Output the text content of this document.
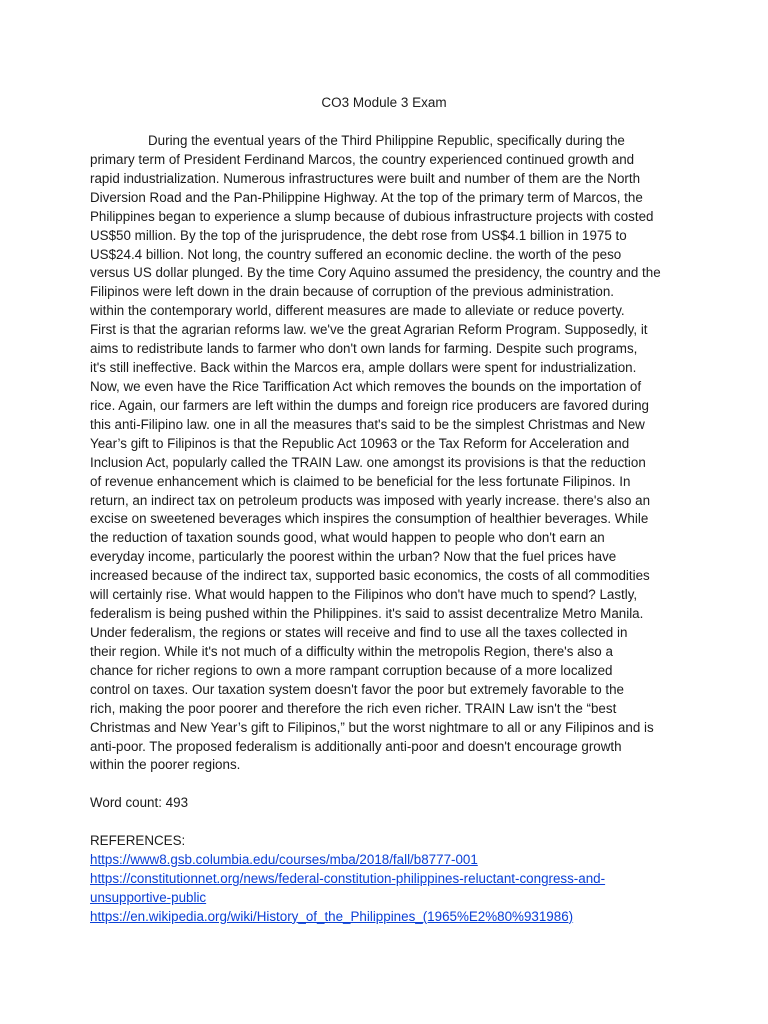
CO3 Module 3 Exam
During the eventual years of the Third Philippine Republic, specifically during the
primary term of President Ferdinand Marcos, the country experienced continued growth and
rapid industrialization. Numerous infrastructures were built and number of them are the North
Diversion Road and the Pan-Philippine Highway. At the top of the primary term of Marcos, the
Philippines began to experience a slump because of dubious infrastructure projects with costed
US$50 million. By the top of the jurisprudence, the debt rose from US$4.1 billion in 1975 to
US$24.4 billion. Not long, the country suffered an economic decline. the worth of the peso
versus US dollar plunged. By the time Cory Aquino assumed the presidency, the country and the
Filipinos were left down in the drain because of corruption of the previous administration.
within the contemporary world, different measures are made to alleviate or reduce poverty.
First is that the agrarian reforms law. we've the great Agrarian Reform Program. Supposedly, it
aims to redistribute lands to farmer who don't own lands for farming. Despite such programs,
it's still ineffective. Back within the Marcos era, ample dollars were spent for industrialization.
Now, we even have the Rice Tariffication Act which removes the bounds on the importation of
rice. Again, our farmers are left within the dumps and foreign rice producers are favored during
this anti-Filipino law. one in all the measures that's said to be the simplest Christmas and New
Year’s gift to Filipinos is that the Republic Act 10963 or the Tax Reform for Acceleration and
Inclusion Act, popularly called the TRAIN Law. one amongst its provisions is that the reduction
of revenue enhancement which is claimed to be beneficial for the less fortunate Filipinos. In
return, an indirect tax on petroleum products was imposed with yearly increase. there's also an
excise on sweetened beverages which inspires the consumption of healthier beverages. While
the reduction of taxation sounds good, what would happen to people who don't earn an
everyday income, particularly the poorest within the urban? Now that the fuel prices have
increased because of the indirect tax, supported basic economics, the costs of all commodities
will certainly rise. What would happen to the Filipinos who don't have much to spend? Lastly,
federalism is being pushed within the Philippines. it's said to assist decentralize Metro Manila.
Under federalism, the regions or states will receive and find to use all the taxes collected in
their region. While it's not much of a difficulty within the metropolis Region, there's also a
chance for richer regions to own a more rampant corruption because of a more localized
control on taxes. Our taxation system doesn't favor the poor but extremely favorable to the
rich, making the poor poorer and therefore the rich even richer. TRAIN Law isn't the “best
Christmas and New Year’s gift to Filipinos,” but the worst nightmare to all or any Filipinos and is
anti-poor. The proposed federalism is additionally anti-poor and doesn't encourage growth
within the poorer regions.

Word count: 493

REFERENCES:
https://www8.gsb.columbia.edu/courses/mba/2018/fall/b8777-001
https://constitutionnet.org/news/federal-constitution-philippines-reluctant-congress-and-
unsupportive-public
https://en.wikipedia.org/wiki/History_of_the_Philippines_(1965%E2%80%931986)
